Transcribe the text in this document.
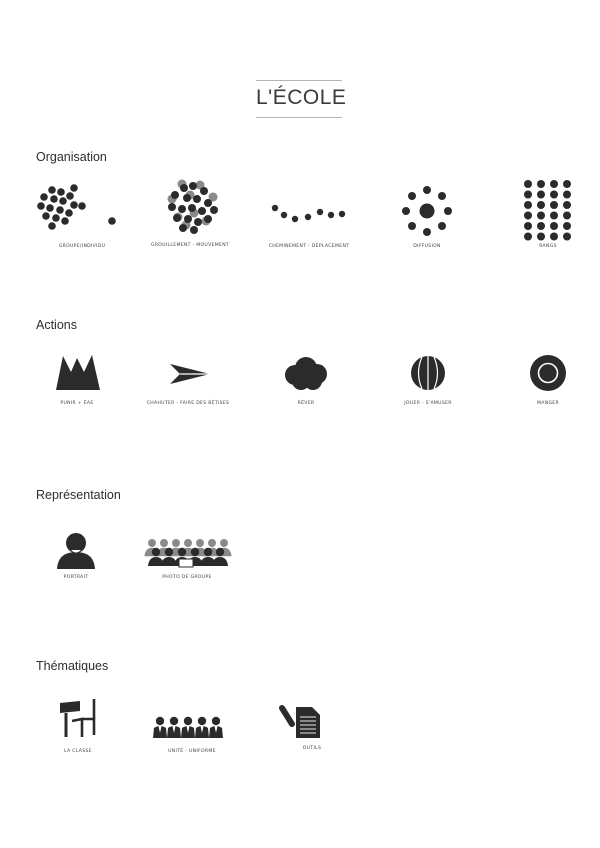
L'ÉCOLE
Organisation
GROUPE/INDIVIDU	GROUILLEMENT - MOUVEMENT	CHEMINEMENT - DÉPLACEMENT	DIFFUSION	RANGS
Actions
PUNIR + ÉAE	CHAHUTER - FAIRE DES BÊTISES	RÊVER	JOUER - S'AMUSER	MANGER
Représentation
PORTRAIT	PHOTO DE GROUPE
Thématiques
LA CLASSE	UNITÉ - UNIFORME
OUTILS
